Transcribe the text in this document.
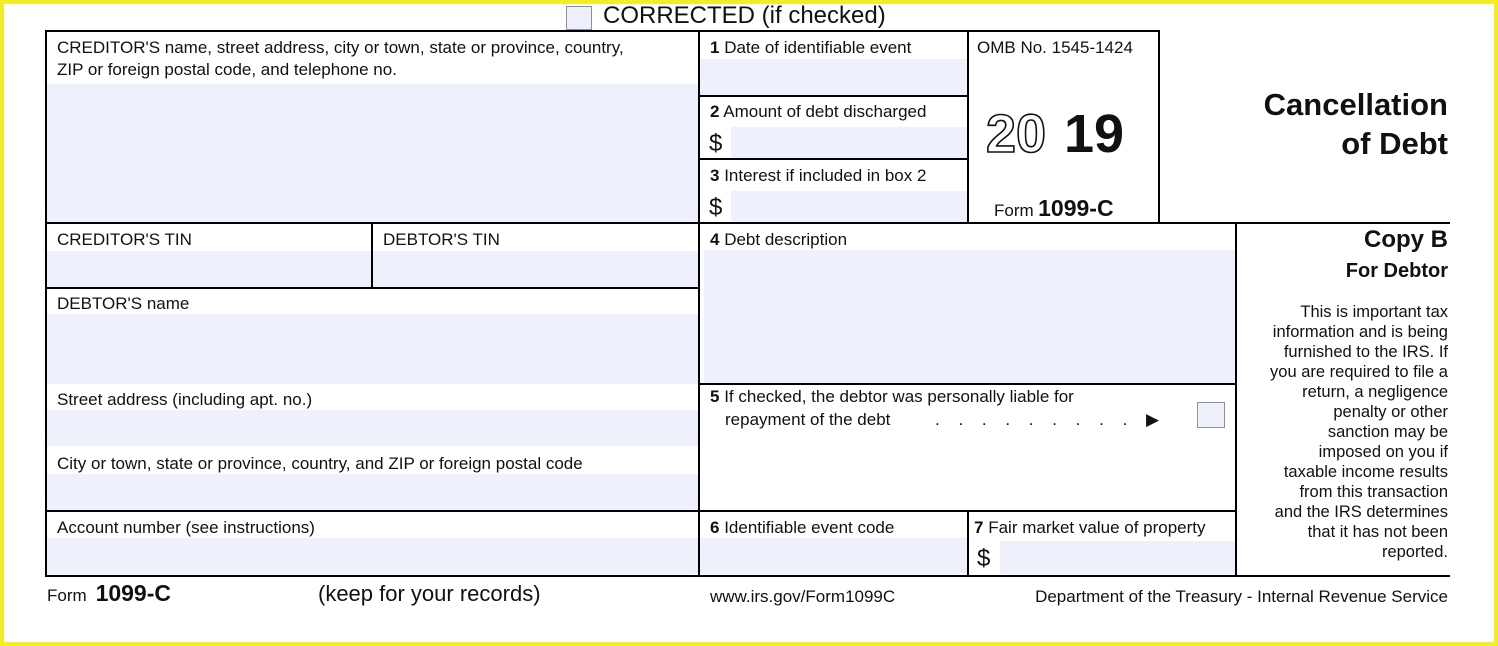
CORRECTED (if checked)
CREDITOR'S name, street address, city or town, state or province, country,
ZIP or foreign postal code, and telephone no.
1 Date of identifiable event
2 Amount of debt discharged
$
3 Interest if included in box 2
$
OMB No. 1545-1424
20 19
Form 1099-C
Cancellation
of Debt
CREDITOR'S TIN	DEBTOR'S TIN	4 Debt description	Copy B
For Debtor
This is important tax
information and is being
furnished to the IRS. If
you are required to file a
return, a negligence
penalty or other
sanction may be
imposed on you if
taxable income results
from this transaction
and the IRS determines
that it has not been
reported.
DEBTOR'S name
Street address (including apt. no.)
City or town, state or province, country, and ZIP or foreign postal code
5 If checked, the debtor was personally liable for
repayment of the debt	. . . . . . . . . ▶
Account number (see instructions)	6 Identifiable event code	7 Fair market value of property
$
Form 1099-C	(keep for your records)	www.irs.gov/Form1099C	Department of the Treasury - Internal Revenue Service
